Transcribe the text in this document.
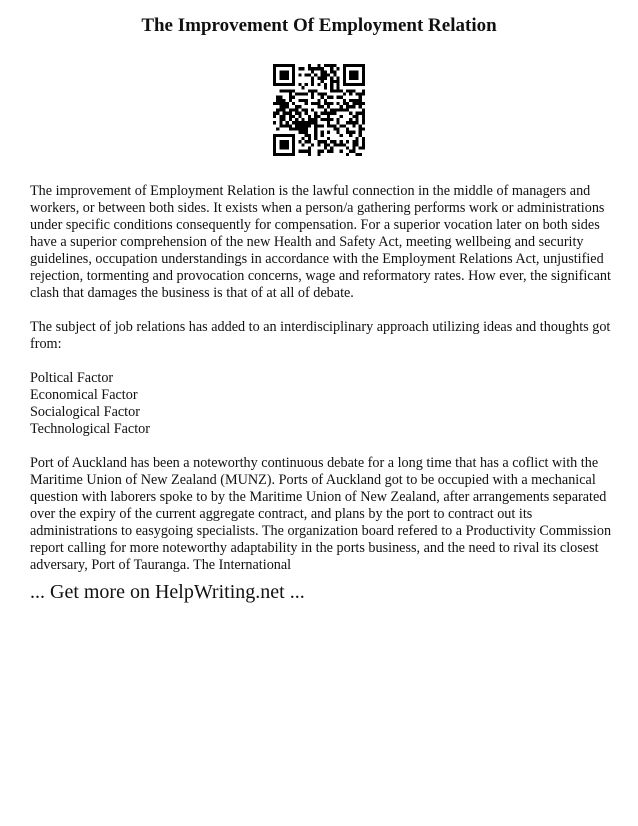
The Improvement Of Employment Relation

The improvement of Employment Relation is the lawful connection in the middle of managers and workers, or between both sides. It exists when a person/a gathering performs work or administrations under specific conditions consequently for compensation. For a superior vocation later on both sides have a superior comprehension of the new Health and Safety Act, meeting wellbeing and security guidelines, occupation understandings in accordance with the Employment Relations Act, unjustified rejection, tormenting and provocation concerns, wage and reformatory rates. How ever, the significant clash that damages the business is that of at all of debate.

The subject of job relations has added to an interdisciplinary approach utilizing ideas and thoughts got from:

Poltical Factor
Economical Factor
Socialogical Factor
Technological Factor

Port of Auckland has been a noteworthy continuous debate for a long time that has a coflict with the Maritime Union of New Zealand (MUNZ). Ports of Auckland got to be occupied with a mechanical question with laborers spoke to by the Maritime Union of New Zealand, after arrangements separated over the expiry of the current aggregate contract, and plans by the port to contract out its administrations to easygoing specialists. The organization board refered to a Productivity Commission report calling for more noteworthy adaptability in the ports business, and the need to rival its closest adversary, Port of Tauranga. The International

... Get more on HelpWriting.net ...
